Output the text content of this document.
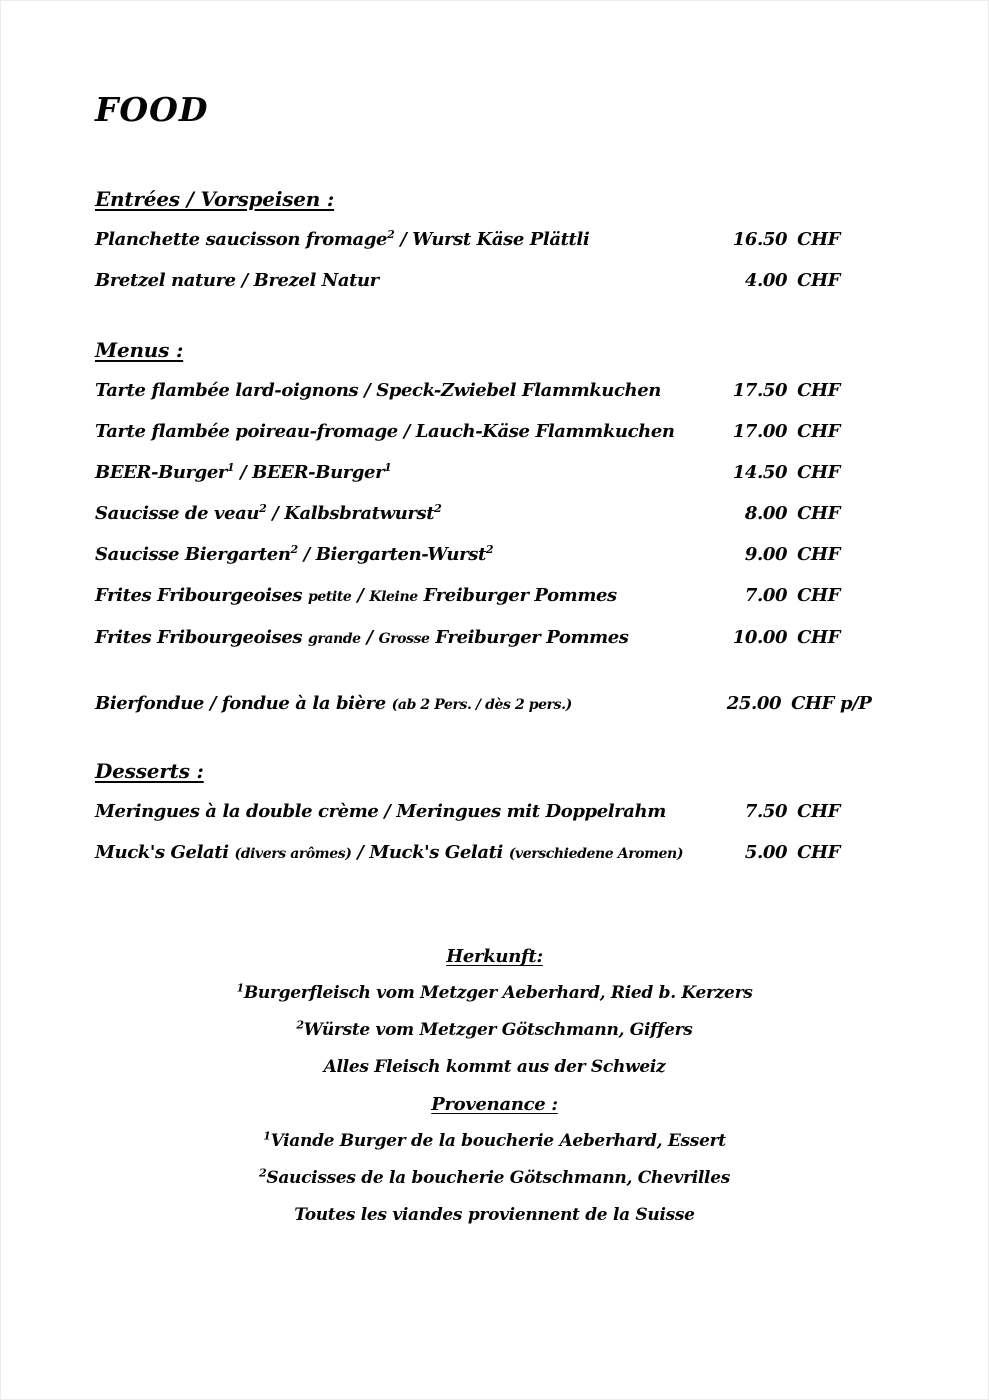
FOOD
Entrées / Vorspeisen :
Planchette saucisson fromage$^2$ / Wurst Käse Plättli	16.50 CHF
Bretzel nature / Brezel Natur	4.00 CHF
Menus :
Tarte flambée lard-oignons / Speck-Zwiebel Flammkuchen	17.50 CHF
Tarte flambée poireau-fromage / Lauch-Käse Flammkuchen	17.00 CHF
BEER-Burger$^1$ / BEER-Burger$^1$	14.50 CHF
Saucisse de veau$^2$ / Kalbsbratwurst$^2$	8.00 CHF
Saucisse Biergarten$^2$ / Biergarten-Wurst$^2$	9.00 CHF
Frites Fribourgeoises petite / Kleine Freiburger Pommes	7.00 CHF
Frites Fribourgeoises grande / Grosse Freiburger Pommes	10.00 CHF
Bierfondue / fondue à la bière (ab 2 Pers. / dès 2 pers.)	25.00 CHF p/P
Desserts :
Meringues à la double crème / Meringues mit Doppelrahm	7.50 CHF
Muck's Gelati (divers arômes) / Muck's Gelati (verschiedene Aromen)	5.00 CHF
Herkunft:
$^1$Burgerfleisch vom Metzger Aeberhard, Ried b. Kerzers
$^2$Würste vom Metzger Götschmann, Giffers
Alles Fleisch kommt aus der Schweiz
Provenance :
$^1$Viande Burger de la boucherie Aeberhard, Essert
$^2$Saucisses de la boucherie Götschmann, Chevrilles
Toutes les viandes proviennent de la Suisse
